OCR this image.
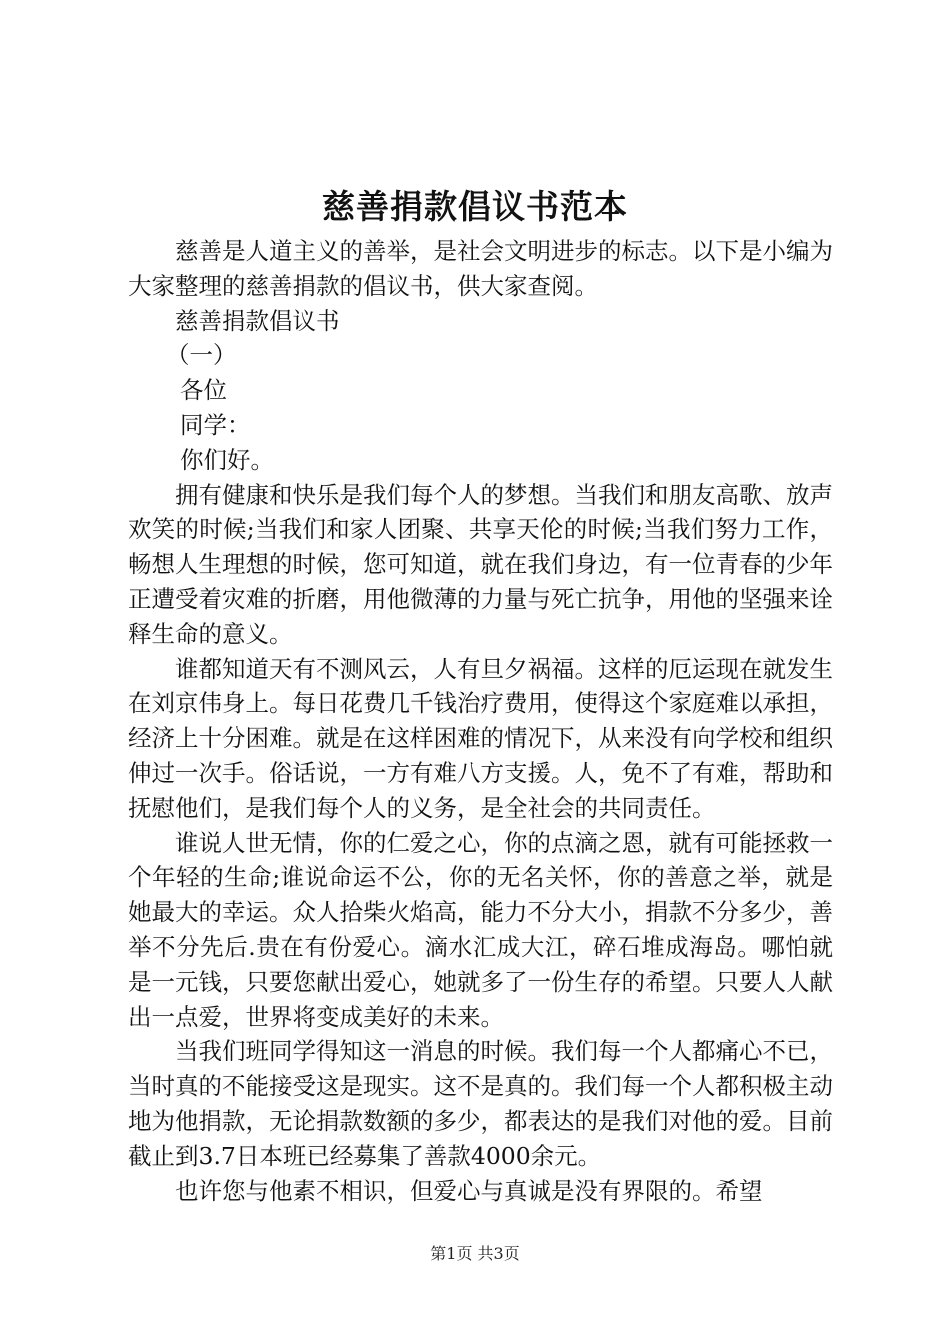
慈善捐款倡议书范本

慈善是人道主义的善举，是社会文明进步的标志。以下是小编为大家整理的慈善捐款的倡议书，供大家查阅。

慈善捐款倡议书

（一）

各位

同学：

你们好。

拥有健康和快乐是我们每个人的梦想。当我们和朋友高歌、放声欢笑的时候;当我们和家人团聚、共享天伦的时候;当我们努力工作，畅想人生理想的时候，您可知道，就在我们身边，有一位青春的少年正遭受着灾难的折磨，用他微薄的力量与死亡抗争，用他的坚强来诠释生命的意义。

谁都知道天有不测风云，人有旦夕祸福。这样的厄运现在就发生在刘京伟身上。每日花费几千钱治疗费用，使得这个家庭难以承担，经济上十分困难。就是在这样困难的情况下，从来没有向学校和组织伸过一次手。俗话说，一方有难八方支援。人，免不了有难，帮助和抚慰他们，是我们每个人的义务，是全社会的共同责任。

谁说人世无情，你的仁爱之心，你的点滴之恩，就有可能拯救一个年轻的生命;谁说命运不公，你的无名关怀，你的善意之举，就是她最大的幸运。众人拾柴火焰高，能力不分大小，捐款不分多少，善举不分先后.贵在有份爱心。滴水汇成大江，碎石堆成海岛。哪怕就是一元钱，只要您献出爱心，她就多了一份生存的希望。只要人人献出一点爱，世界将变成美好的未来。

当我们班同学得知这一消息的时候。我们每一个人都痛心不已，当时真的不能接受这是现实。这不是真的。我们每一个人都积极主动地为他捐款，无论捐款数额的多少，都表达的是我们对他的爱。目前截止到3.7日本班已经募集了善款4000余元。

也许您与他素不相识，但爱心与真诚是没有界限的。希望

第1页 共3页
